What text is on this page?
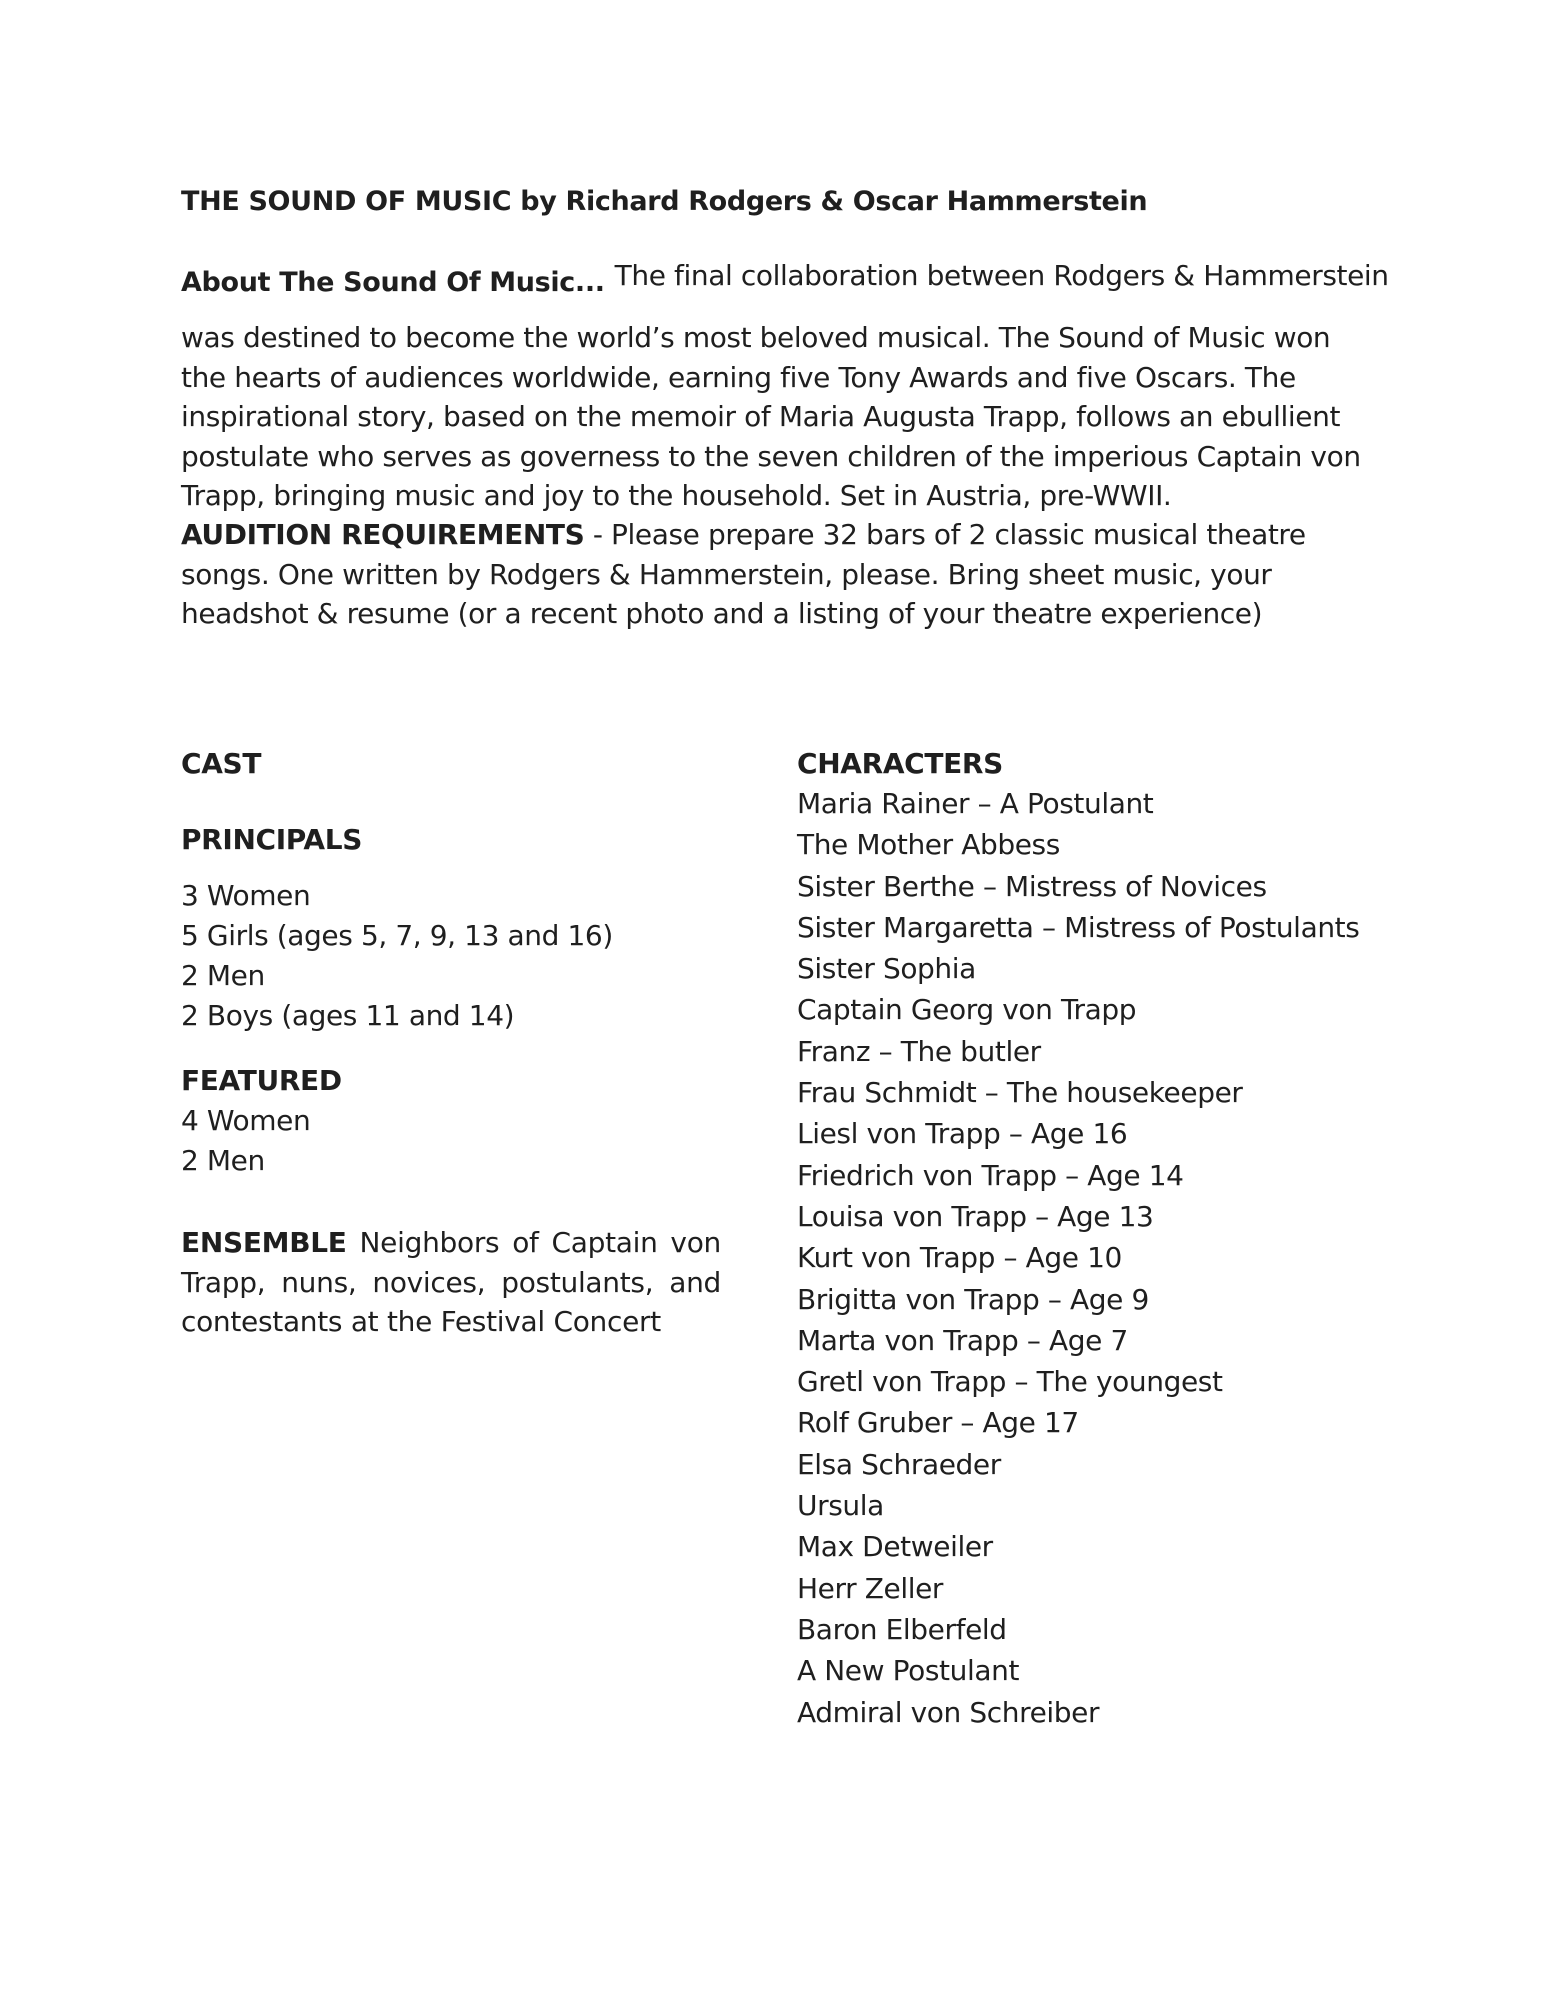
THE SOUND OF MUSIC by Richard Rodgers & Oscar Hammerstein
About The Sound Of Music... The final collaboration between Rodgers & Hammerstein

was destined to become the world’s most beloved musical. The Sound of Music won

the hearts of audiences worldwide, earning five Tony Awards and five Oscars. The

inspirational story, based on the memoir of Maria Augusta Trapp, follows an ebullient

postulate who serves as governess to the seven children of the imperious Captain von

Trapp, bringing music and joy to the household. Set in Austria, pre-WWII.

AUDITION REQUIREMENTS - Please prepare 32 bars of 2 classic musical theatre

songs. One written by Rodgers & Hammerstein, please. Bring sheet music, your

headshot & resume (or a recent photo and a listing of your theatre experience)

CAST
PRINCIPALS
3 Women
5 Girls (ages 5, 7, 9, 13 and 16)
2 Men
2 Boys (ages 11 and 14)
FEATURED
4 Women
2 Men
ENSEMBLE Neighbors of Captain von Trapp, nuns, novices, postulants, and contestants at the Festival Concert
CHARACTERS
Maria Rainer – A Postulant
The Mother Abbess
Sister Berthe – Mistress of Novices
Sister Margaretta – Mistress of Postulants
Sister Sophia
Captain Georg von Trapp
Franz – The butler
Frau Schmidt – The housekeeper
Liesl von Trapp – Age 16
Friedrich von Trapp – Age 14
Louisa von Trapp – Age 13
Kurt von Trapp – Age 10
Brigitta von Trapp – Age 9
Marta von Trapp – Age 7
Gretl von Trapp – The youngest
Rolf Gruber – Age 17
Elsa Schraeder
Ursula
Max Detweiler
Herr Zeller
Baron Elberfeld
A New Postulant
Admiral von Schreiber
